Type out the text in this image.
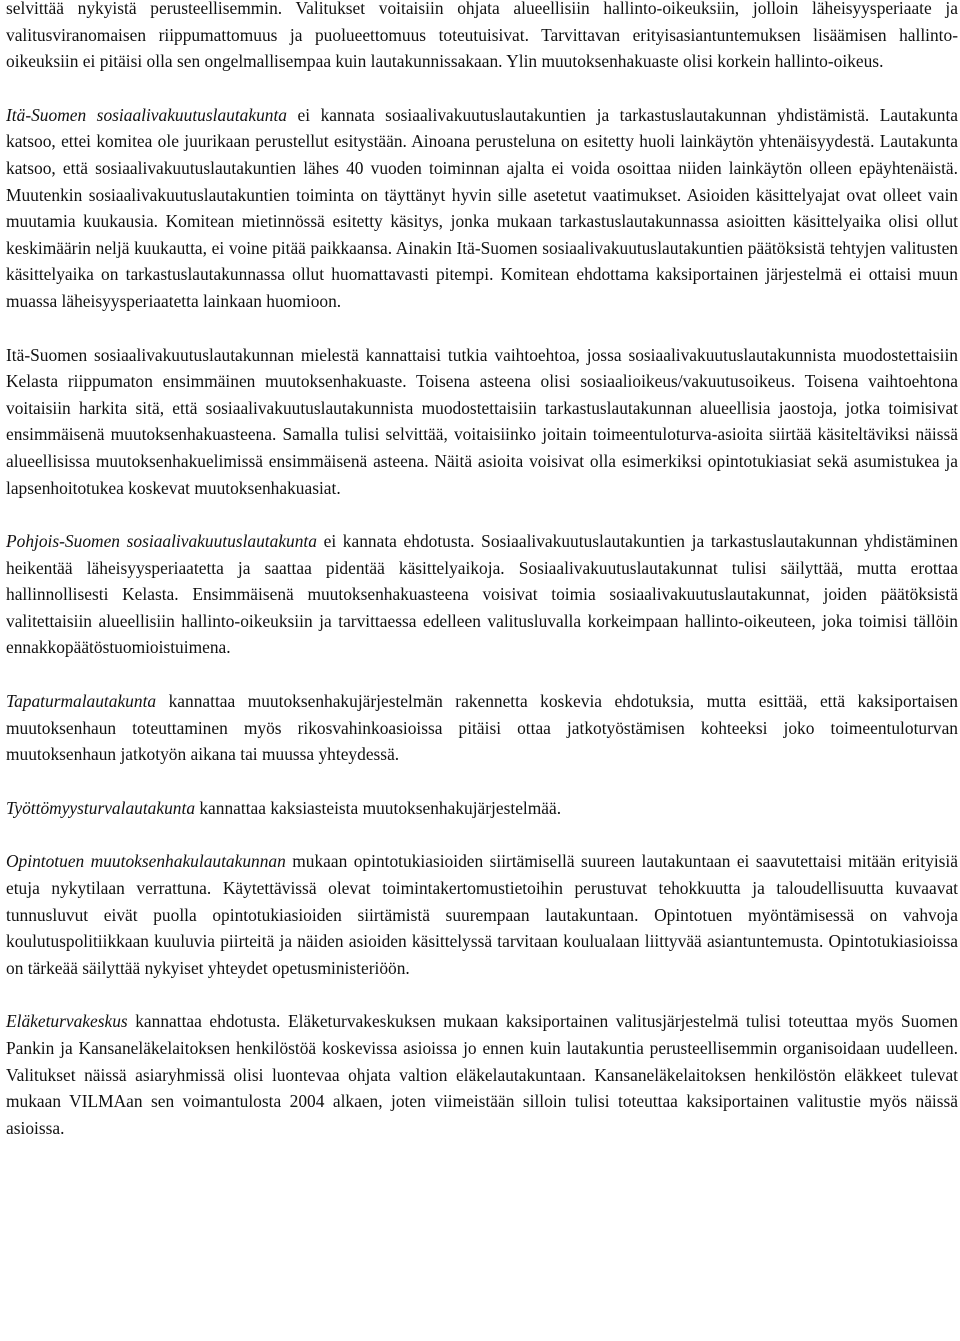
selvittää nykyistä perusteellisemmin. Valitukset voitaisiin ohjata alueellisiin hallinto-oikeuksiin, jolloin läheisyysperiaate ja valitusviranomaisen riippumattomuus ja puolueettomuus toteutuisivat. Tarvittavan erityisasiantuntemuksen lisäämisen hallinto-oikeuksiin ei pitäisi olla sen ongelmallisempaa kuin lautakunnissakaan. Ylin muutoksenhakuaste olisi korkein hallinto-oikeus.

Itä-Suomen sosiaalivakuutuslautakunta ei kannata sosiaalivakuutuslautakuntien ja tarkastuslautakunnan yhdistämistä. Lautakunta katsoo, ettei komitea ole juurikaan perustellut esitystään. Ainoana perusteluna on esitetty huoli lainkäytön yhtenäisyydestä. Lautakunta katsoo, että sosiaalivakuutuslautakuntien lähes 40 vuoden toiminnan ajalta ei voida osoittaa niiden lainkäytön olleen epäyhtenäistä. Muutenkin sosiaalivakuutuslautakuntien toiminta on täyttänyt hyvin sille asetetut vaatimukset. Asioiden käsittelyajat ovat olleet vain muutamia kuukausia. Komitean mietinnössä esitetty käsitys, jonka mukaan tarkastuslautakunnassa asioitten käsittelyaika olisi ollut keskimäärin neljä kuukautta, ei voine pitää paikkaansa. Ainakin Itä-Suomen sosiaalivakuutuslautakuntien päätöksistä tehtyjen valitusten käsittelyaika on tarkastuslautakunnassa ollut huomattavasti pitempi. Komitean ehdottama kaksiportainen järjestelmä ei ottaisi muun muassa läheisyysperiaatetta lainkaan huomioon.

Itä-Suomen sosiaalivakuutuslautakunnan mielestä kannattaisi tutkia vaihtoehtoa, jossa sosiaalivakuutuslautakunnista muodostettaisiin Kelasta riippumaton ensimmäinen muutoksenhakuaste. Toisena asteena olisi sosiaalioikeus/vakuutusoikeus. Toisena vaihtoehtona voitaisiin harkita sitä, että sosiaalivakuutuslautakunnista muodostettaisiin tarkastuslautakunnan alueellisia jaostoja, jotka toimisivat ensimmäisenä muutoksenhakuasteena. Samalla tulisi selvittää, voitaisiinko joitain toimeentuloturva-asioita siirtää käsiteltäviksi näissä alueellisissa muutoksenhakuelimissä ensimmäisenä asteena. Näitä asioita voisivat olla esimerkiksi opintotukiasiat sekä asumistukea ja lapsenhoitotukea koskevat muutoksenhakuasiat.

Pohjois-Suomen sosiaalivakuutuslautakunta ei kannata ehdotusta. Sosiaalivakuutuslautakuntien ja tarkastuslautakunnan yhdistäminen heikentää läheisyysperiaatetta ja saattaa pidentää käsittelyaikoja. Sosiaalivakuutuslautakunnat tulisi säilyttää, mutta erottaa hallinnollisesti Kelasta. Ensimmäisenä muutoksenhakuasteena voisivat toimia sosiaalivakuutuslautakunnat, joiden päätöksistä valitettaisiin alueellisiin hallinto-oikeuksiin ja tarvittaessa edelleen valitusluvalla korkeimpaan hallinto-oikeuteen, joka toimisi tällöin ennakkopäätöstuomioistuimena.

Tapaturmalautakunta kannattaa muutoksenhakujärjestelmän rakennetta koskevia ehdotuksia, mutta esittää, että kaksiportaisen muutoksenhaun toteuttaminen myös rikosvahinkoasioissa pitäisi ottaa jatkotyöstämisen kohteeksi joko toimeentuloturvan muutoksenhaun jatkotyön aikana tai muussa yhteydessä.

Työttömyysturvalautakunta kannattaa kaksiasteista muutoksenhakujärjestelmää.

Opintotuen muutoksenhakulautakunnan mukaan opintotukiasioiden siirtämisellä suureen lautakuntaan ei saavutettaisi mitään erityisiä etuja nykytilaan verrattuna. Käytettävissä olevat toimintakertomustietoihin perustuvat tehokkuutta ja taloudellisuutta kuvaavat tunnusluvut eivät puolla opintotukiasioiden siirtämistä suurempaan lautakuntaan. Opintotuen myöntämisessä on vahvoja koulutuspolitiikkaan kuuluvia piirteitä ja näiden asioiden käsittelyssä tarvitaan koulualaan liittyvää asiantuntemusta. Opintotukiasioissa on tärkeää säilyttää nykyiset yhteydet opetusministeriöön.

Eläketurvakeskus kannattaa ehdotusta. Eläketurvakeskuksen mukaan kaksiportainen valitusjärjestelmä tulisi toteuttaa myös Suomen Pankin ja Kansaneläkelaitoksen henkilöstöä koskevissa asioissa jo ennen kuin lautakuntia perusteellisemmin organisoidaan uudelleen. Valitukset näissä asiaryhmissä olisi luontevaa ohjata valtion eläkelautakuntaan. Kansaneläkelaitoksen henkilöstön eläkkeet tulevat mukaan VILMAan sen voimantulosta 2004 alkaen, joten viimeistään silloin tulisi toteuttaa kaksiportainen valitustie myös näissä asioissa.
